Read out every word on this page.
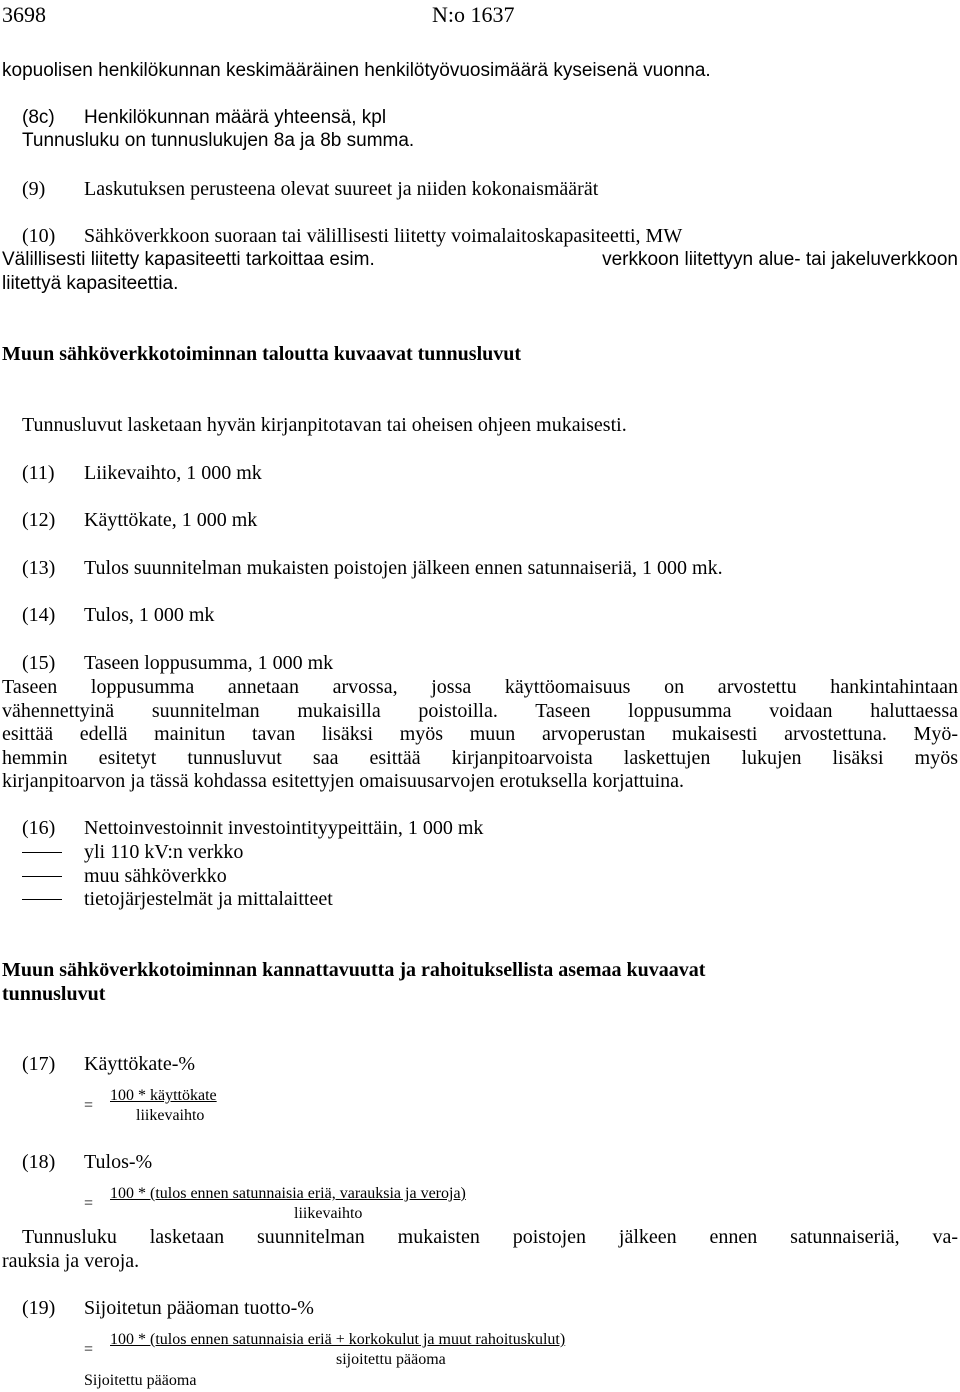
3698	N:o 1637
kopuolisen henkilökunnan keskimääräinen henkilötyövuosimäärä kyseisenä vuonna.
(8c) Henkilökunnan määrä yhteensä, kpl
Tunnusluku on tunnuslukujen 8a ja 8b summa.
(9) Laskutuksen perusteena olevat suureet ja niiden kokonaismäärät
(10) Sähköverkkoon suoraan tai välillisesti liitetty voimalaitoskapasiteetti, MW
Välillisesti liitetty kapasiteetti tarkoittaa esim.	verkkoon liitettyyn alue- tai jakeluverkkoon
liitettyä kapasiteettia.
Muun sähköverkkotoiminnan taloutta kuvaavat tunnusluvut
Tunnusluvut lasketaan hyvän kirjanpitotavan tai oheisen ohjeen mukaisesti.
(11) Liikevaihto, 1 000 mk
(12) Käyttökate, 1 000 mk
(13) Tulos suunnitelman mukaisten poistojen jälkeen ennen satunnaiseriä, 1 000 mk.
(14) Tulos, 1 000 mk
(15) Taseen loppusumma, 1 000 mk
Taseen loppusumma annetaan arvossa, jossa käyttöomaisuus on arvostettu hankintahintaan
vähennettyinä suunnitelman mukaisilla poistoilla. Taseen loppusumma voidaan haluttaessa
esittää edellä mainitun tavan lisäksi myös muun arvoperustan mukaisesti arvostettuna. Myö-
hemmin esitetyt tunnusluvut saa esittää kirjanpitoarvoista laskettujen lukujen lisäksi myös
kirjanpitoarvon ja tässä kohdassa esitettyjen omaisuusarvojen erotuksella korjattuina.
(16) Nettoinvestoinnit investointityypeittäin, 1 000 mk
yli 110 kV:n verkko
muu sähköverkko
tietojärjestelmät ja mittalaitteet
Muun sähköverkkotoiminnan kannattavuutta ja rahoituksellista asemaa kuvaavat
tunnusluvut
(17) Käyttökate-%
=
100 * käyttökate
liikevaihto
(18) Tulos-%
=
100 * (tulos ennen satunnaisia eriä, varauksia ja veroja)
liikevaihto
Tunnusluku lasketaan suunnitelman mukaisten poistojen jälkeen ennen satunnaiseriä, va-
rauksia ja veroja.
(19) Sijoitetun pääoman tuotto-%
=
100 * (tulos ennen satunnaisia eriä + korkokulut ja muut rahoituskulut)
sijoitettu pääoma
Sijoitettu pääoma
